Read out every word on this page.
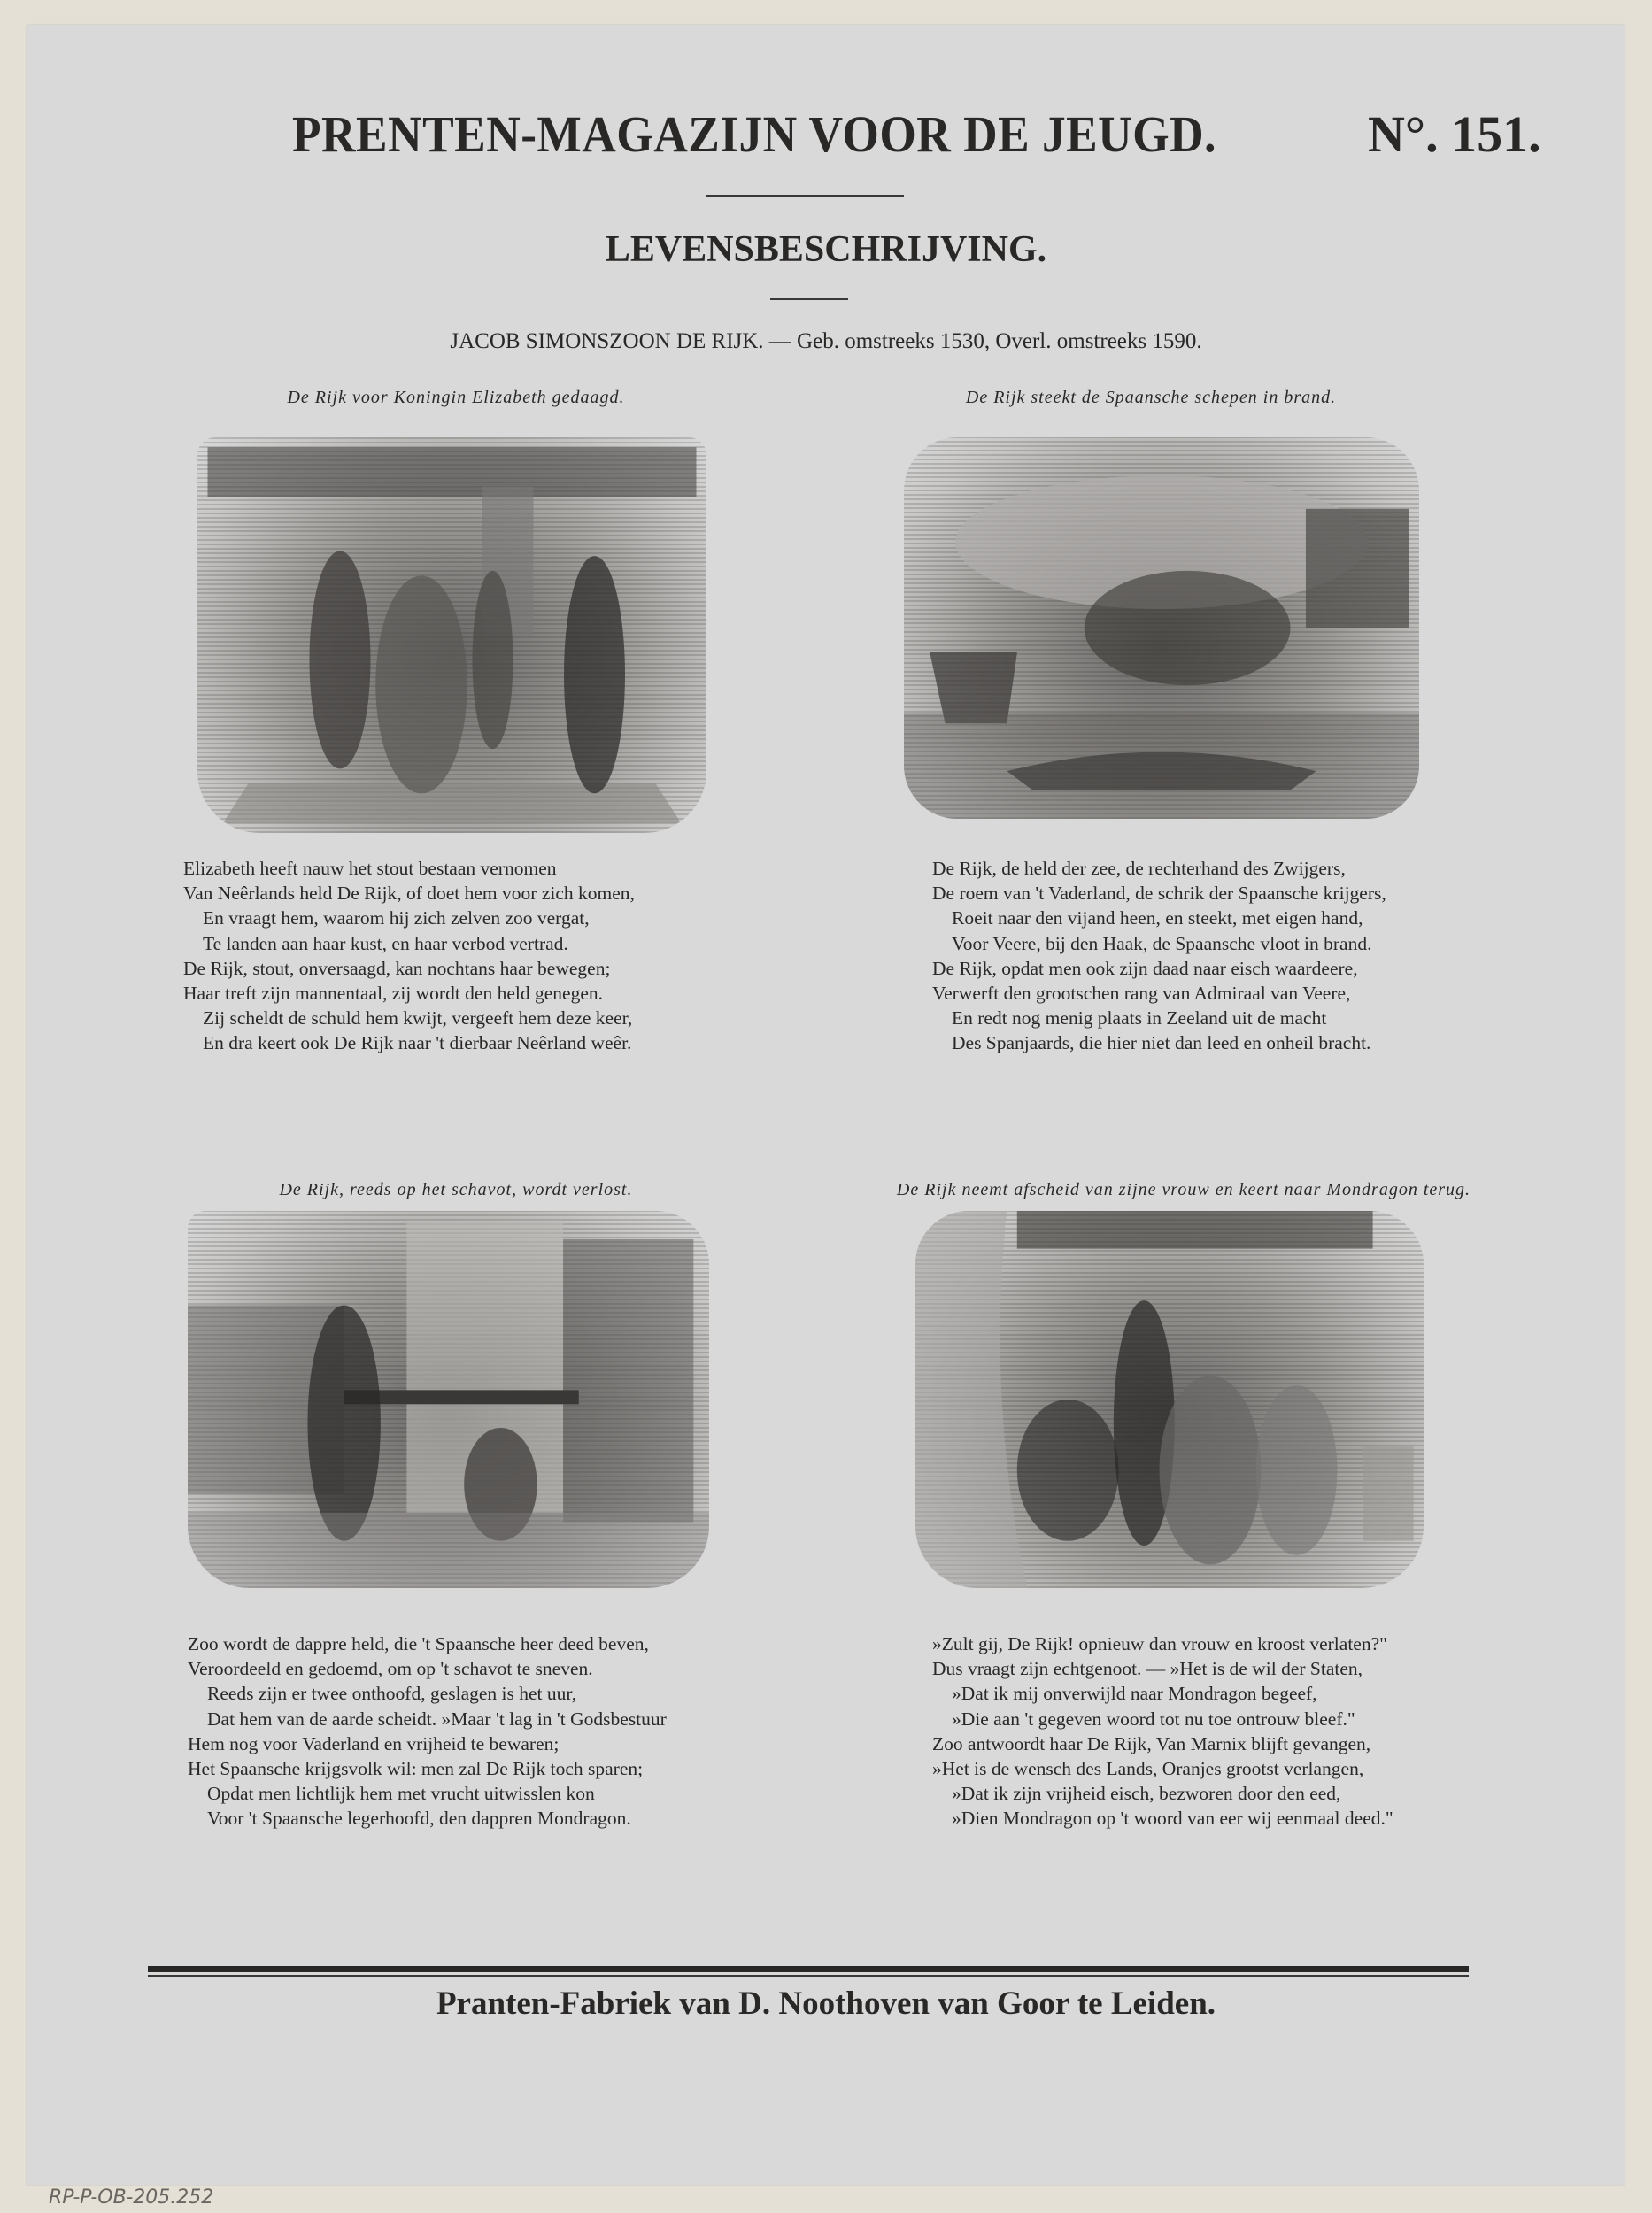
PRENTEN-MAGAZIJN VOOR DE JEUGD.	N°. 151.
LEVENSBESCHRIJVING.
JACOB SIMONSZOON DE RIJK. — Geb. omstreeks 1530, Overl. omstreeks 1590.
De Rijk voor Koningin Elizabeth gedaagd.
Elizabeth heeft nauw het stout bestaan vernomen
Van Neêrlands held De Rijk, of doet hem voor zich komen,
En vraagt hem, waarom hij zich zelven zoo vergat,
Te landen aan haar kust, en haar verbod vertrad.
De Rijk, stout, onversaagd, kan nochtans haar bewegen;
Haar treft zijn mannentaal, zij wordt den held genegen.
Zij scheldt de schuld hem kwijt, vergeeft hem deze keer,
En dra keert ook De Rijk naar 't dierbaar Neêrland weêr.
De Rijk steekt de Spaansche schepen in brand.
De Rijk, de held der zee, de rechterhand des Zwijgers,
De roem van 't Vaderland, de schrik der Spaansche krijgers,
Roeit naar den vijand heen, en steekt, met eigen hand,
Voor Veere, bij den Haak, de Spaansche vloot in brand.
De Rijk, opdat men ook zijn daad naar eisch waardeere,
Verwerft den grootschen rang van Admiraal van Veere,
En redt nog menig plaats in Zeeland uit de macht
Des Spanjaards, die hier niet dan leed en onheil bracht.
De Rijk, reeds op het schavot, wordt verlost.
Zoo wordt de dappre held, die 't Spaansche heer deed beven,
Veroordeeld en gedoemd, om op 't schavot te sneven.
Reeds zijn er twee onthoofd, geslagen is het uur,
Dat hem van de aarde scheidt. »Maar 't lag in 't Godsbestuur
Hem nog voor Vaderland en vrijheid te bewaren;
Het Spaansche krijgsvolk wil: men zal De Rijk toch sparen;
Opdat men lichtlijk hem met vrucht uitwisslen kon
Voor 't Spaansche legerhoofd, den dappren Mondragon.
De Rijk neemt afscheid van zijne vrouw en keert naar Mondragon terug.
»Zult gij, De Rijk! opnieuw dan vrouw en kroost verlaten?"
Dus vraagt zijn echtgenoot. — »Het is de wil der Staten,
»Dat ik mij onverwijld naar Mondragon begeef,
»Die aan 't gegeven woord tot nu toe ontrouw bleef."
Zoo antwoordt haar De Rijk, Van Marnix blijft gevangen,
»Het is de wensch des Lands, Oranjes grootst verlangen,
»Dat ik zijn vrijheid eisch, bezworen door den eed,
»Dien Mondragon op 't woord van eer wij eenmaal deed."
Pranten-Fabriek van D. Noothoven van Goor te Leiden.
RP-P-OB-205.252
